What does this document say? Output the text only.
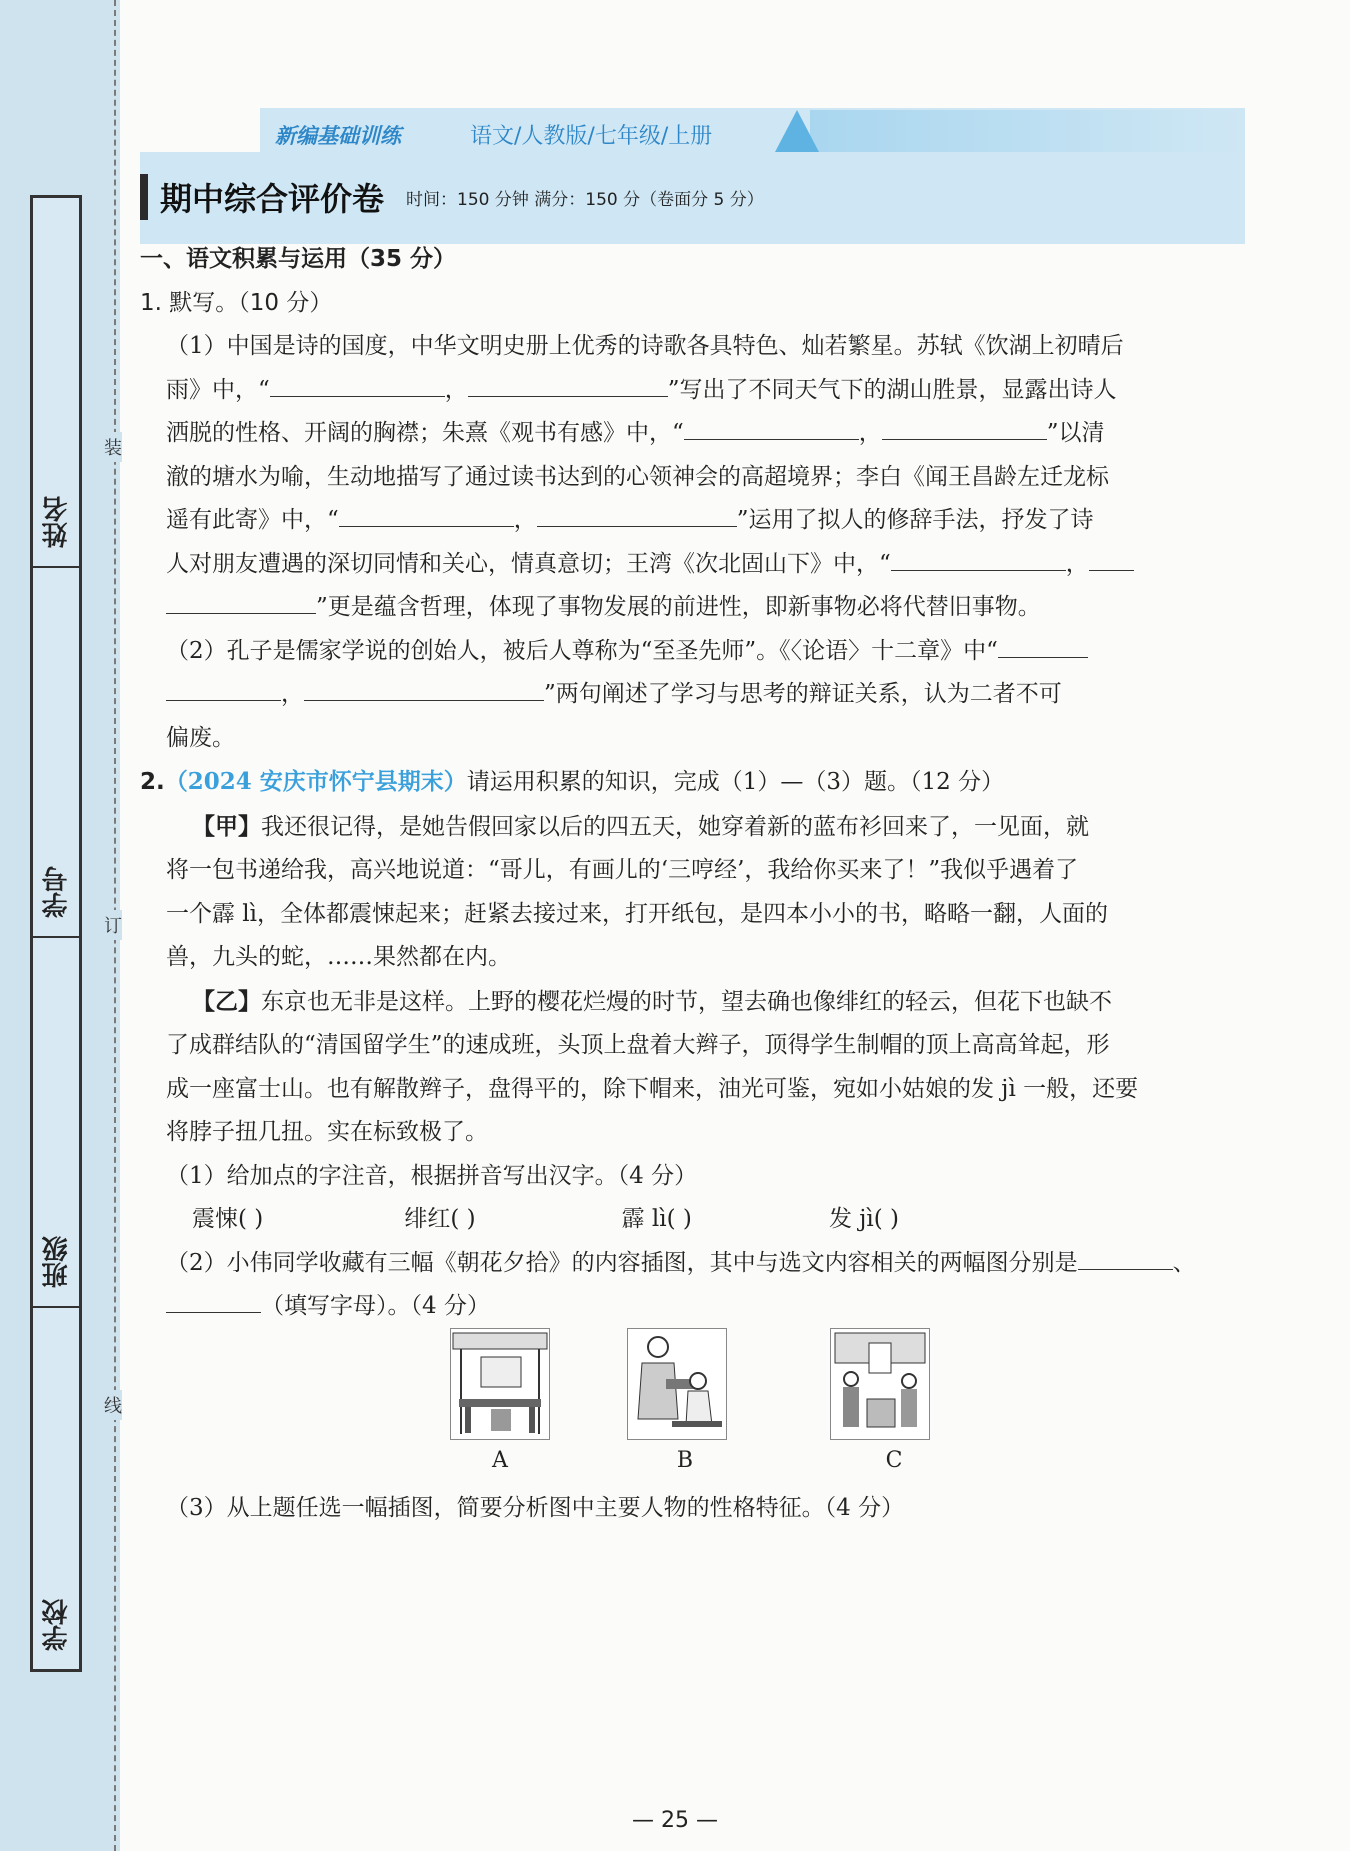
姓名
学号
班级
学校
装
订
线
新编基础训练	语文/人教版/七年级/上册
期中综合评价卷 时间：150 分钟 满分：150 分（卷面分 5 分）

一、语文积累与运用（35 分）

1. 默写。（10 分）

（1）中国是诗的国度，中华文明史册上优秀的诗歌各具特色、灿若繁星。苏轼《饮湖上初晴后

雨》中，“	，	”写出了不同天气下的湖山胜景，显露出诗人

洒脱的性格、开阔的胸襟；朱熹《观书有感》中，“	，	”以清

澈的塘水为喻，生动地描写了通过读书达到的心领神会的高超境界；李白《闻王昌龄左迁龙标

遥有此寄》中，“	，	”运用了拟人的修辞手法，抒发了诗

人对朋友遭遇的深切同情和关心，情真意切；王湾《次北固山下》中，“	，

”更是蕴含哲理，体现了事物发展的前进性，即新事物必将代替旧事物。

（2）孔子是儒家学说的创始人，被后人尊称为“至圣先师”。《〈论语〉十二章》中“

，	”两句阐述了学习与思考的辩证关系，认为二者不可

偏废。

2.（2024 安庆市怀宁县期末）请运用积累的知识，完成（1）—（3）题。（12 分）

【甲】我还很记得，是她告假回家以后的四五天，她穿着新的蓝布衫回来了，一见面，就

将一包书递给我，高兴地说道：“哥儿，有画儿的‘三哼经’，我给你买来了！”我似乎遇着了

一个霹 lì，全体都震悚起来；赶紧去接过来，打开纸包，是四本小小的书，略略一翻，人面的

兽，九头的蛇，……果然都在内。

【乙】东京也无非是这样。上野的樱花烂熳的时节，望去确也像绯红的轻云，但花下也缺不

了成群结队的“清国留学生”的速成班，头顶上盘着大辫子，顶得学生制帽的顶上高高耸起，形

成一座富士山。也有解散辫子，盘得平的，除下帽来，油光可鉴，宛如小姑娘的发 jì 一般，还要

将脖子扭几扭。实在标致极了。

（1）给加点的字注音，根据拼音写出汉字。（4 分）

震悚( )	绯红( )	霹 lì( )	发 jì( )

（2）小伟同学收藏有三幅《朝花夕拾》的内容插图，其中与选文内容相关的两幅图分别是	、

（填写字母）。（4 分）

A	B	C
（3）从上题任选一幅插图，简要分析图中主要人物的性格特征。（4 分）
— 25 —
